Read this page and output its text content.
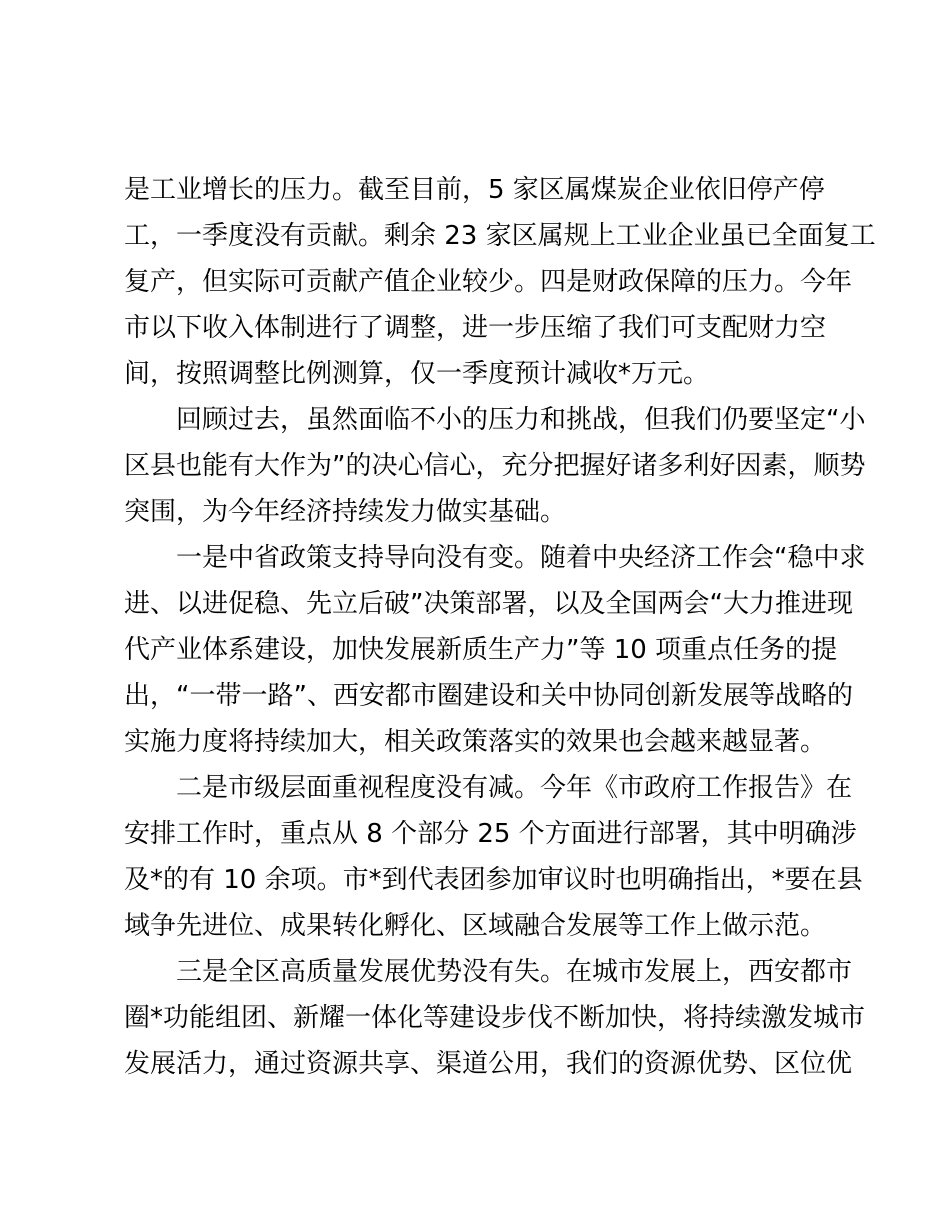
是工业增长的压力。截至目前，5 家区属煤炭企业依旧停产停

工，一季度没有贡献。剩余 23 家区属规上工业企业虽已全面复工

复产，但实际可贡献产值企业较少。四是财政保障的压力。今年

市以下收入体制进行了调整，进一步压缩了我们可支配财力空

间，按照调整比例测算，仅一季度预计减收*万元。

回顾过去，虽然面临不小的压力和挑战，但我们仍要坚定“小

区县也能有大作为”的决心信心，充分把握好诸多利好因素，顺势

突围，为今年经济持续发力做实基础。

一是中省政策支持导向没有变。随着中央经济工作会“稳中求

进、以进促稳、先立后破”决策部署，以及全国两会“大力推进现

代产业体系建设，加快发展新质生产力”等 10 项重点任务的提

出，“一带一路”、西安都市圈建设和关中协同创新发展等战略的

实施力度将持续加大，相关政策落实的效果也会越来越显著。

二是市级层面重视程度没有减。今年《市政府工作报告》在

安排工作时，重点从 8 个部分 25 个方面进行部署，其中明确涉

及*的有 10 余项。市*到代表团参加审议时也明确指出，*要在县

域争先进位、成果转化孵化、区域融合发展等工作上做示范。

三是全区高质量发展优势没有失。在城市发展上，西安都市

圈*功能组团、新耀一体化等建设步伐不断加快，将持续激发城市

发展活力，通过资源共享、渠道公用，我们的资源优势、区位优
